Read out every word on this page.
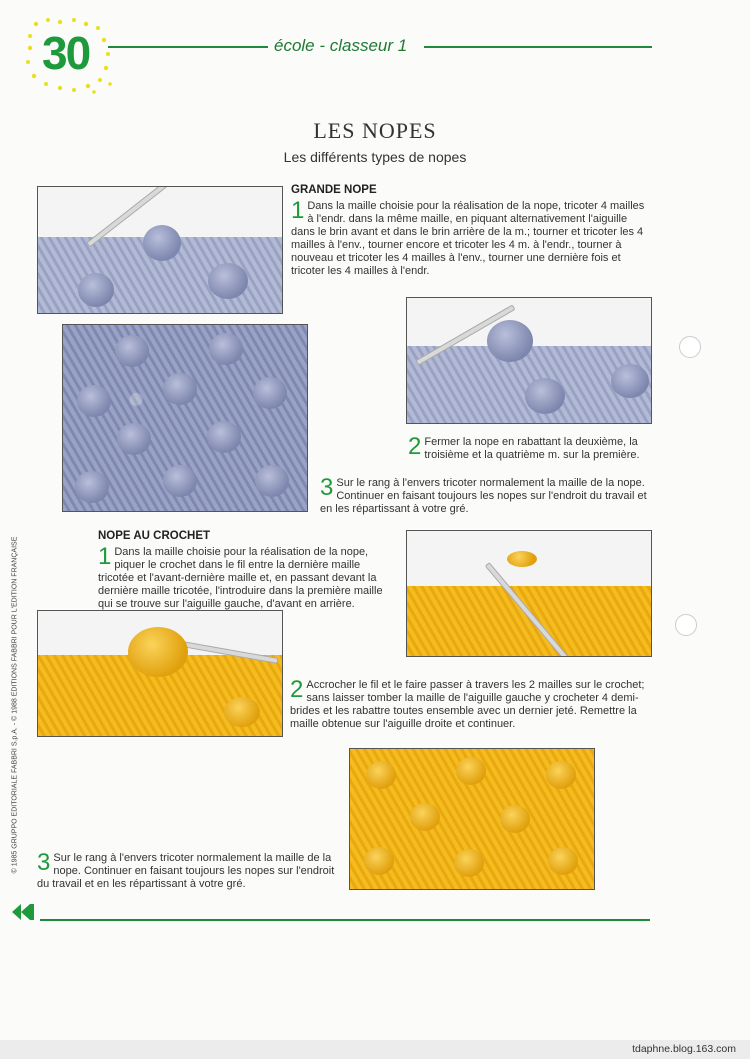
30	école - classeur 1
LES NOPES
Les différents types de nopes
GRANDE NOPE
1 Dans la maille choisie pour la réalisation de la nope, tricoter 4 mailles à l'endr. dans la même maille, en piquant alternativement l'aiguille dans le brin avant et dans le brin arrière de la m.; tourner et tricoter les 4 mailles à l'env., tourner encore et tricoter les 4 m. à l'endr., tourner à nouveau et tricoter les 4 mailles à l'env., tourner une dernière fois et tricoter les 4 mailles à l'endr.
2 Fermer la nope en rabattant la deuxième, la troisième et la quatrième m. sur la première.
3 Sur le rang à l'envers tricoter normalement la maille de la nope. Continuer en faisant toujours les nopes sur l'endroit du travail et en les répartissant à votre gré.
NOPE AU CROCHET
1 Dans la maille choisie pour la réalisation de la nope, piquer le crochet dans le fil entre la dernière maille tricotée et l'avant-dernière maille et, en passant devant la dernière maille tricotée, l'introduire dans la première maille qui se trouve sur l'aiguille gauche, d'avant en arrière.
2 Accrocher le fil et le faire passer à travers les 2 mailles sur le crochet; sans laisser tomber la maille de l'aiguille gauche y crocheter 4 demi-brides et les rabattre toutes ensemble avec un dernier jeté. Remettre la maille obtenue sur l'aiguille droite et continuer.
3 Sur le rang à l'envers tricoter normalement la maille de la nope. Continuer en faisant toujours les nopes sur l'endroit du travail et en les répartissant à votre gré.
© 1985 GRUPPO EDITORIALE FABBRI S.p.A. - © 1988 EDITIONS FABBRI POUR L'EDITION FRANÇAISE
tdaphne.blog.163.com
